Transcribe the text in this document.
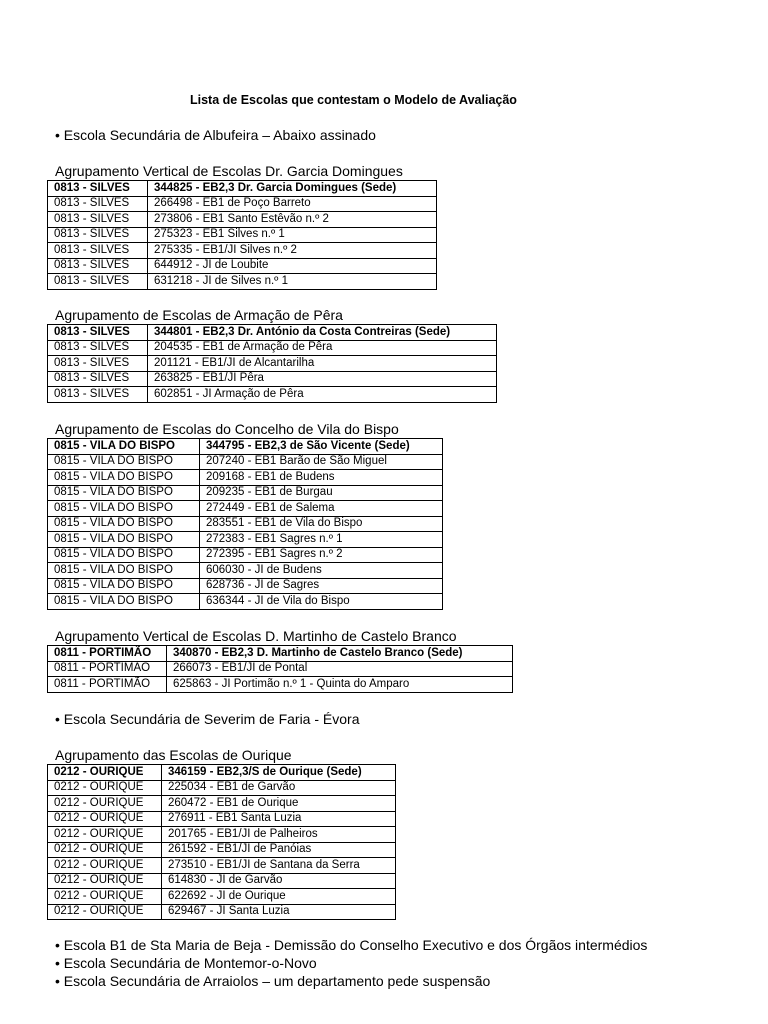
Lista de Escolas que contestam o Modelo de Avaliação
• Escola Secundária de Albufeira – Abaixo assinado
Agrupamento Vertical de Escolas Dr. Garcia Domingues
0813 - SILVES	344825 - EB2,3 Dr. Garcia Domingues (Sede)
0813 - SILVES	266498 - EB1 de Poço Barreto
0813 - SILVES	273806 - EB1 Santo Estêvão n.º 2
0813 - SILVES	275323 - EB1 Silves n.º 1
0813 - SILVES	275335 - EB1/JI Silves n.º 2
0813 - SILVES	644912 - JI de Loubite
0813 - SILVES	631218 - JI de Silves n.º 1
Agrupamento de Escolas de Armação de Pêra
0813 - SILVES	344801 - EB2,3 Dr. António da Costa Contreiras (Sede)
0813 - SILVES	204535 - EB1 de Armação de Pêra
0813 - SILVES	201121 - EB1/JI de Alcantarilha
0813 - SILVES	263825 - EB1/JI Pêra
0813 - SILVES	602851 - JI Armação de Pêra
Agrupamento de Escolas do Concelho de Vila do Bispo
0815 - VILA DO BISPO	344795 - EB2,3 de São Vicente (Sede)
0815 - VILA DO BISPO	207240 - EB1 Barão de São Miguel
0815 - VILA DO BISPO	209168 - EB1 de Budens
0815 - VILA DO BISPO	209235 - EB1 de Burgau
0815 - VILA DO BISPO	272449 - EB1 de Salema
0815 - VILA DO BISPO	283551 - EB1 de Vila do Bispo
0815 - VILA DO BISPO	272383 - EB1 Sagres n.º 1
0815 - VILA DO BISPO	272395 - EB1 Sagres n.º 2
0815 - VILA DO BISPO	606030 - JI de Budens
0815 - VILA DO BISPO	628736 - JI de Sagres
0815 - VILA DO BISPO	636344 - JI de Vila do Bispo
Agrupamento Vertical de Escolas D. Martinho de Castelo Branco
0811 - PORTIMÃO	340870 - EB2,3 D. Martinho de Castelo Branco (Sede)
0811 - PORTIMÃO	266073 - EB1/JI de Pontal
0811 - PORTIMÃO	625863 - JI Portimão n.º 1 - Quinta do Amparo
• Escola Secundária de Severim de Faria - Évora
Agrupamento das Escolas de Ourique
0212 - OURIQUE	346159 - EB2,3/S de Ourique (Sede)
0212 - OURIQUE	225034 - EB1 de Garvão
0212 - OURIQUE	260472 - EB1 de Ourique
0212 - OURIQUE	276911 - EB1 Santa Luzia
0212 - OURIQUE	201765 - EB1/JI de Palheiros
0212 - OURIQUE	261592 - EB1/JI de Panóias
0212 - OURIQUE	273510 - EB1/JI de Santana da Serra
0212 - OURIQUE	614830 - JI de Garvão
0212 - OURIQUE	622692 - JI de Ourique
0212 - OURIQUE	629467 - JI Santa Luzia
• Escola B1 de Sta Maria de Beja - Demissão do Conselho Executivo e dos Órgãos intermédios
• Escola Secundária de Montemor-o-Novo
• Escola Secundária de Arraiolos – um departamento pede suspensão
